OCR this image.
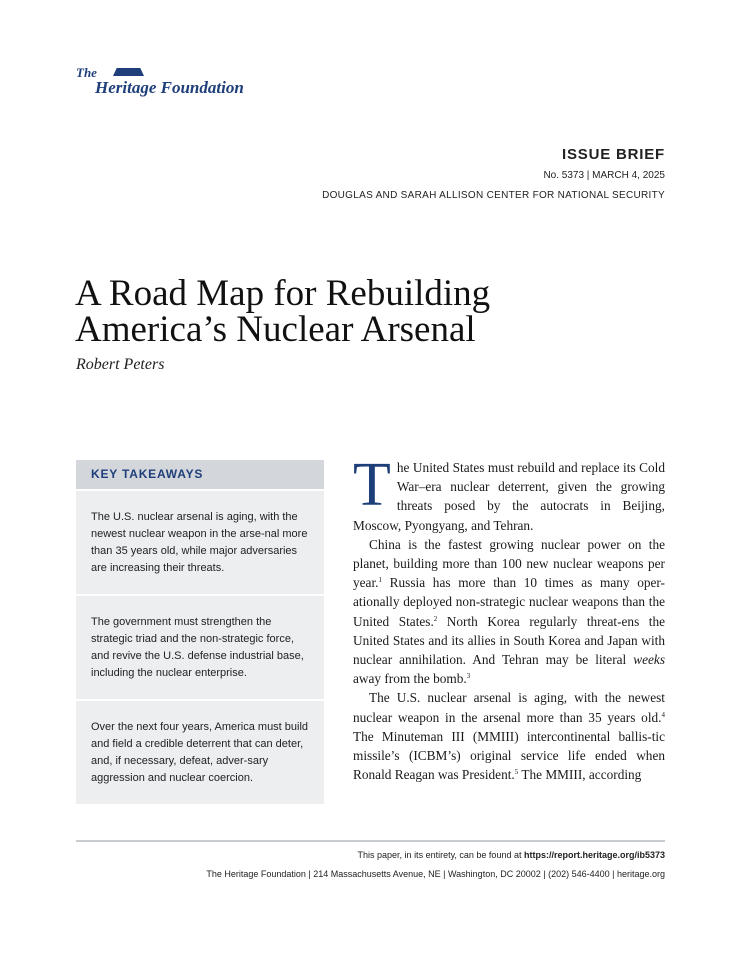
The
Heritage Foundation
ISSUE BRIEF
No. 5373 | MARCH 4, 2025
DOUGLAS AND SARAH ALLISON CENTER FOR NATIONAL SECURITY
A Road Map for Rebuilding
America’s Nuclear Arsenal
Robert Peters
KEY TAKEAWAYS
The U.S. nuclear arsenal is aging, with the newest nuclear weapon in the arse-nal more than 35 years old, while major adversaries are increasing their threats.
The government must strengthen the strategic triad and the non-strategic force, and revive the U.S. defense industrial base, including the nuclear enterprise.
Over the next four years, America must build and field a credible deterrent that can deter, and, if necessary, defeat, adver-sary aggression and nuclear coercion.

The United States must rebuild and replace its Cold War–era nuclear deterrent, given the growing threats posed by the autocrats in Beijing, Moscow, Pyongyang, and Tehran.

China is the fastest growing nuclear power on the planet, building more than 100 new nuclear weapons per year.$^1$ Russia has more than 10 times as many oper-ationally deployed non-strategic nuclear weapons than the United States.$^2$ North Korea regularly threat-ens the United States and its allies in South Korea and Japan with nuclear annihilation. And Tehran may be literal weeks away from the bomb.$^3$

The U.S. nuclear arsenal is aging, with the newest nuclear weapon in the arsenal more than 35 years old.$^4$ The Minuteman III (MMIII) intercontinental ballis-tic missile’s (ICBM’s) original service life ended when Ronald Reagan was President.$^5$ The MMIII, according

This paper, in its entirety, can be found at https://report.heritage.org/ib5373
The Heritage Foundation | 214 Massachusetts Avenue, NE | Washington, DC 20002 | (202) 546-4400 | heritage.org
